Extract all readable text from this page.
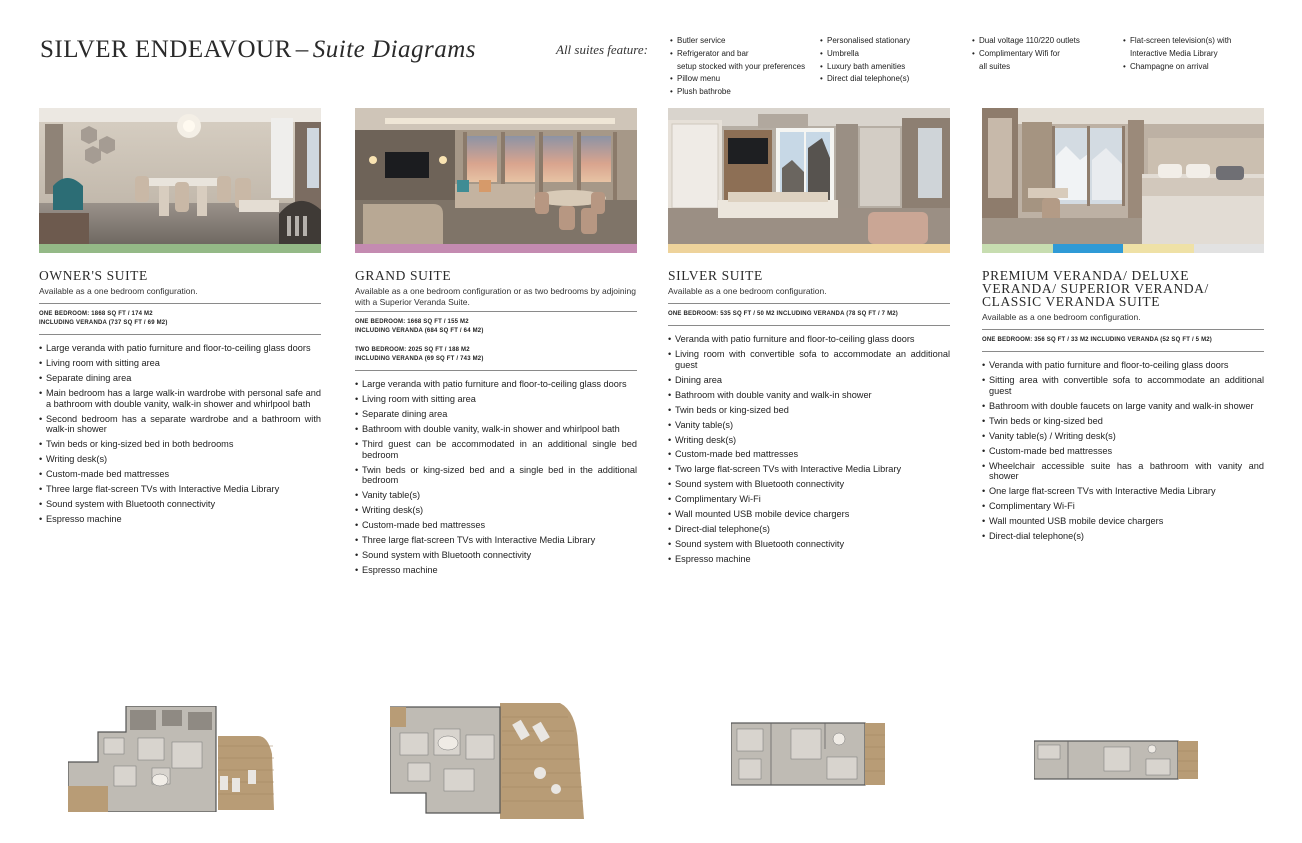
SILVER ENDEAVOUR – Suite Diagrams	All suites feature:
• Butler service
• Refrigerator and bar
setup stocked with your preferences
• Pillow menu
• Plush bathrobe
• Personalised stationary
• Umbrella
• Luxury bath amenities
• Direct dial telephone(s)
• Dual voltage 110/220 outlets
• Complimentary Wifi for
all suites
• Flat-screen television(s) with
Interactive Media Library
• Champagne on arrival
OWNER'S SUITE
Available as a one bedroom configuration.

ONE BEDROOM: 1868 SQ FT / 174 M2
INCLUDING VERANDA (737 SQ FT / 69 M2)

• Large veranda with patio furniture and floor-to-ceiling glass doors
• Living room with sitting area
• Separate dining area
• Main bedroom has a large walk-in wardrobe with personal safe and a bathroom with double vanity, walk-in shower and whirlpool bath
• Second bedroom has a separate wardrobe and a bathroom with walk-in shower
• Twin beds or king-sized bed in both bedrooms
• Writing desk(s)
• Custom-made bed mattresses
• Three large flat-screen TVs with Interactive Media Library
• Sound system with Bluetooth connectivity
• Espresso machine
GRAND SUITE
Available as a one bedroom configuration or as two bedrooms by adjoining with a Superior Veranda Suite.

ONE BEDROOM: 1668 SQ FT / 155 M2
INCLUDING VERANDA (684 SQ FT / 64 M2)

TWO BEDROOM: 2025 SQ FT / 188 M2
INCLUDING VERANDA (69 SQ FT / 743 M2)

• Large veranda with patio furniture and floor-to-ceiling glass doors
• Living room with sitting area
• Separate dining area
• Bathroom with double vanity, walk-in shower and whirlpool bath
• Third guest can be accommodated in an additional single bed bedroom
• Twin beds or king-sized bed and a single bed in the additional bedroom
• Vanity table(s)
• Writing desk(s)
• Custom-made bed mattresses
• Three large flat-screen TVs with Interactive Media Library
• Sound system with Bluetooth connectivity
• Espresso machine
SILVER SUITE
Available as a one bedroom configuration.

ONE BEDROOM: 535 SQ FT / 50 M2 INCLUDING VERANDA (78 SQ FT / 7 M2)

• Veranda with patio furniture and floor-to-ceiling glass doors
• Living room with convertible sofa to accommodate an additional guest
• Dining area
• Bathroom with double vanity and walk-in shower
• Twin beds or king-sized bed
• Vanity table(s)
• Writing desk(s)
• Custom-made bed mattresses
• Two large flat-screen TVs with Interactive Media Library
• Sound system with Bluetooth connectivity
• Complimentary Wi-Fi
• Wall mounted USB mobile device chargers
• Direct-dial telephone(s)
• Sound system with Bluetooth connectivity
• Espresso machine
PREMIUM VERANDA/ DELUXE VERANDA/ SUPERIOR VERANDA/ CLASSIC VERANDA SUITE
Available as a one bedroom configuration.

ONE BEDROOM: 356 SQ FT / 33 M2 INCLUDING VERANDA (52 SQ FT / 5 M2)

• Veranda with patio furniture and floor-to-ceiling glass doors
• Sitting area with convertible sofa to accommodate an additional guest
• Bathroom with double faucets on large vanity and walk-in shower
• Twin beds or king-sized bed
• Vanity table(s) / Writing desk(s)
• Custom-made bed mattresses
• Wheelchair accessible suite has a bathroom with vanity and shower
• One large flat-screen TVs with Interactive Media Library
• Complimentary Wi-Fi
• Wall mounted USB mobile device chargers
• Direct-dial telephone(s)
